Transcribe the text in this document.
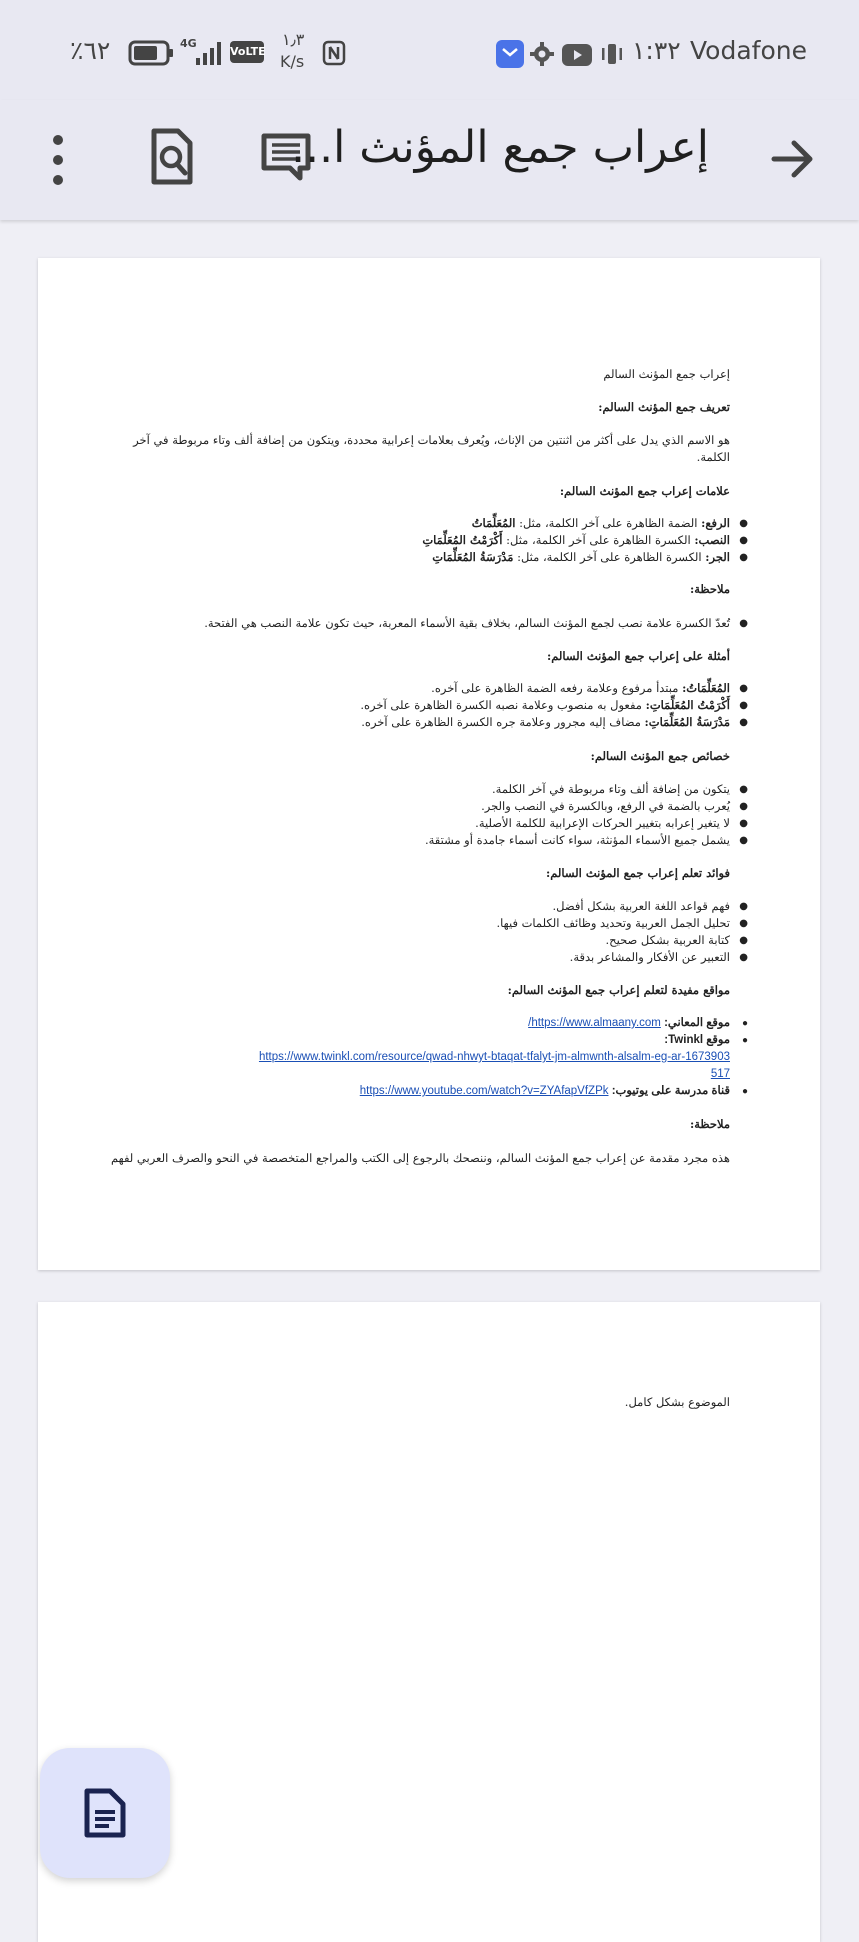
٪٦٢	4G
VoLTE
١٫٣
K/s	١:٣٢ Vodafone
إعراب جمع المؤنث ا...
إعراب جمع المؤنث السالم
تعريف جمع المؤنث السالم:
هو الاسم الذي يدل على أكثر من اثنتين من الإناث، ويُعرف بعلامات إعرابية محددة، ويتكون من إضافة ألف وتاء مربوطة في آخر
الكلمة.
علامات إعراب جمع المؤنث السالم:
●
الرفع: الضمة الظاهرة على آخر الكلمة، مثل: المُعَلِّمَاتُ
●
النصب: الكسرة الظاهرة على آخر الكلمة، مثل: أَكْرَمْتُ المُعَلِّمَاتِ
●
الجر: الكسرة الظاهرة على آخر الكلمة، مثل: مَدْرَسَةُ المُعَلِّمَاتِ
ملاحظة:
●
تُعدّ الكسرة علامة نصب لجمع المؤنث السالم، بخلاف بقية الأسماء المعربة، حيث تكون علامة النصب هي الفتحة.
أمثلة على إعراب جمع المؤنث السالم:
●
المُعَلِّمَاتُ: مبتدأ مرفوع وعلامة رفعه الضمة الظاهرة على آخره.
●
أَكْرَمْتُ المُعَلِّمَاتِ: مفعول به منصوب وعلامة نصبه الكسرة الظاهرة على آخره.
●
مَدْرَسَةُ المُعَلِّمَاتِ: مضاف إليه مجرور وعلامة جره الكسرة الظاهرة على آخره.
خصائص جمع المؤنث السالم:
●
يتكون من إضافة ألف وتاء مربوطة في آخر الكلمة.
●
يُعرب بالضمة في الرفع، وبالكسرة في النصب والجر.
●
لا يتغير إعرابه بتغيير الحركات الإعرابية للكلمة الأصلية.
●
يشمل جميع الأسماء المؤنثة، سواء كانت أسماء جامدة أو مشتقة.
فوائد تعلم إعراب جمع المؤنث السالم:
●
فهم قواعد اللغة العربية بشكل أفضل.
●
تحليل الجمل العربية وتحديد وظائف الكلمات فيها.
●
كتابة العربية بشكل صحيح.
●
التعبير عن الأفكار والمشاعر بدقة.
مواقع مفيدة لتعلم إعراب جمع المؤنث السالم:
●
موقع المعاني: https://www.almaany.com/
●
موقع Twinkl:
https://www.twinkl.com/resource/qwad-nhwyt-btaqat-tfalyt-jm-almwnth-alsalm-eg-ar-1673903
517
●
قناة مدرسة على يوتيوب: https://www.youtube.com/watch?v=ZYAfapVfZPk
ملاحظة:
هذه مجرد مقدمة عن إعراب جمع المؤنث السالم، وننصحك بالرجوع إلى الكتب والمراجع المتخصصة في النحو والصرف العربي لفهم
الموضوع بشكل كامل.
